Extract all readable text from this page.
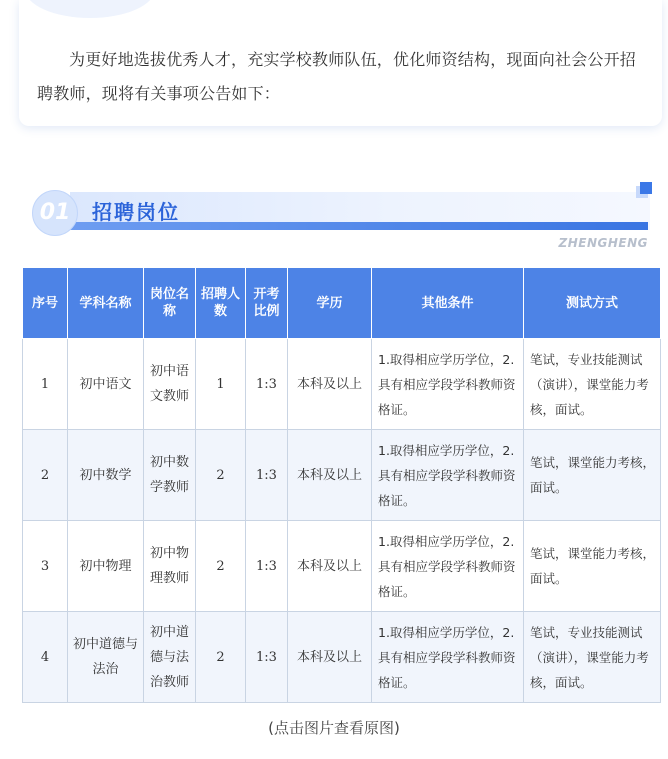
为更好地选拔优秀人才，充实学校教师队伍，优化师资结构，现面向社会公开招聘教师，现将有关事项公告如下：

01	招聘岗位
ZHENGHENG
序号	学科名称	岗位名称	招聘人数	开考比例	学历	其他条件	测试方式
1	初中语文	初中语文教师	1	1:3	本科及以上	1.取得相应学历学位，2.具有相应学段学科教师资格证。	笔试，专业技能测试（演讲），课堂能力考核，面试。
2	初中数学	初中数学教师	2	1:3	本科及以上	1.取得相应学历学位，2.具有相应学段学科教师资格证。	笔试，课堂能力考核，面试。
3	初中物理	初中物理教师	2	1:3	本科及以上	1.取得相应学历学位，2.具有相应学段学科教师资格证。	笔试，课堂能力考核，面试。
4	初中道德与法治	初中道德与法治教师	2	1:3	本科及以上	1.取得相应学历学位，2.具有相应学段学科教师资格证。	笔试，专业技能测试（演讲），课堂能力考核，面试。
(点击图片查看原图)
